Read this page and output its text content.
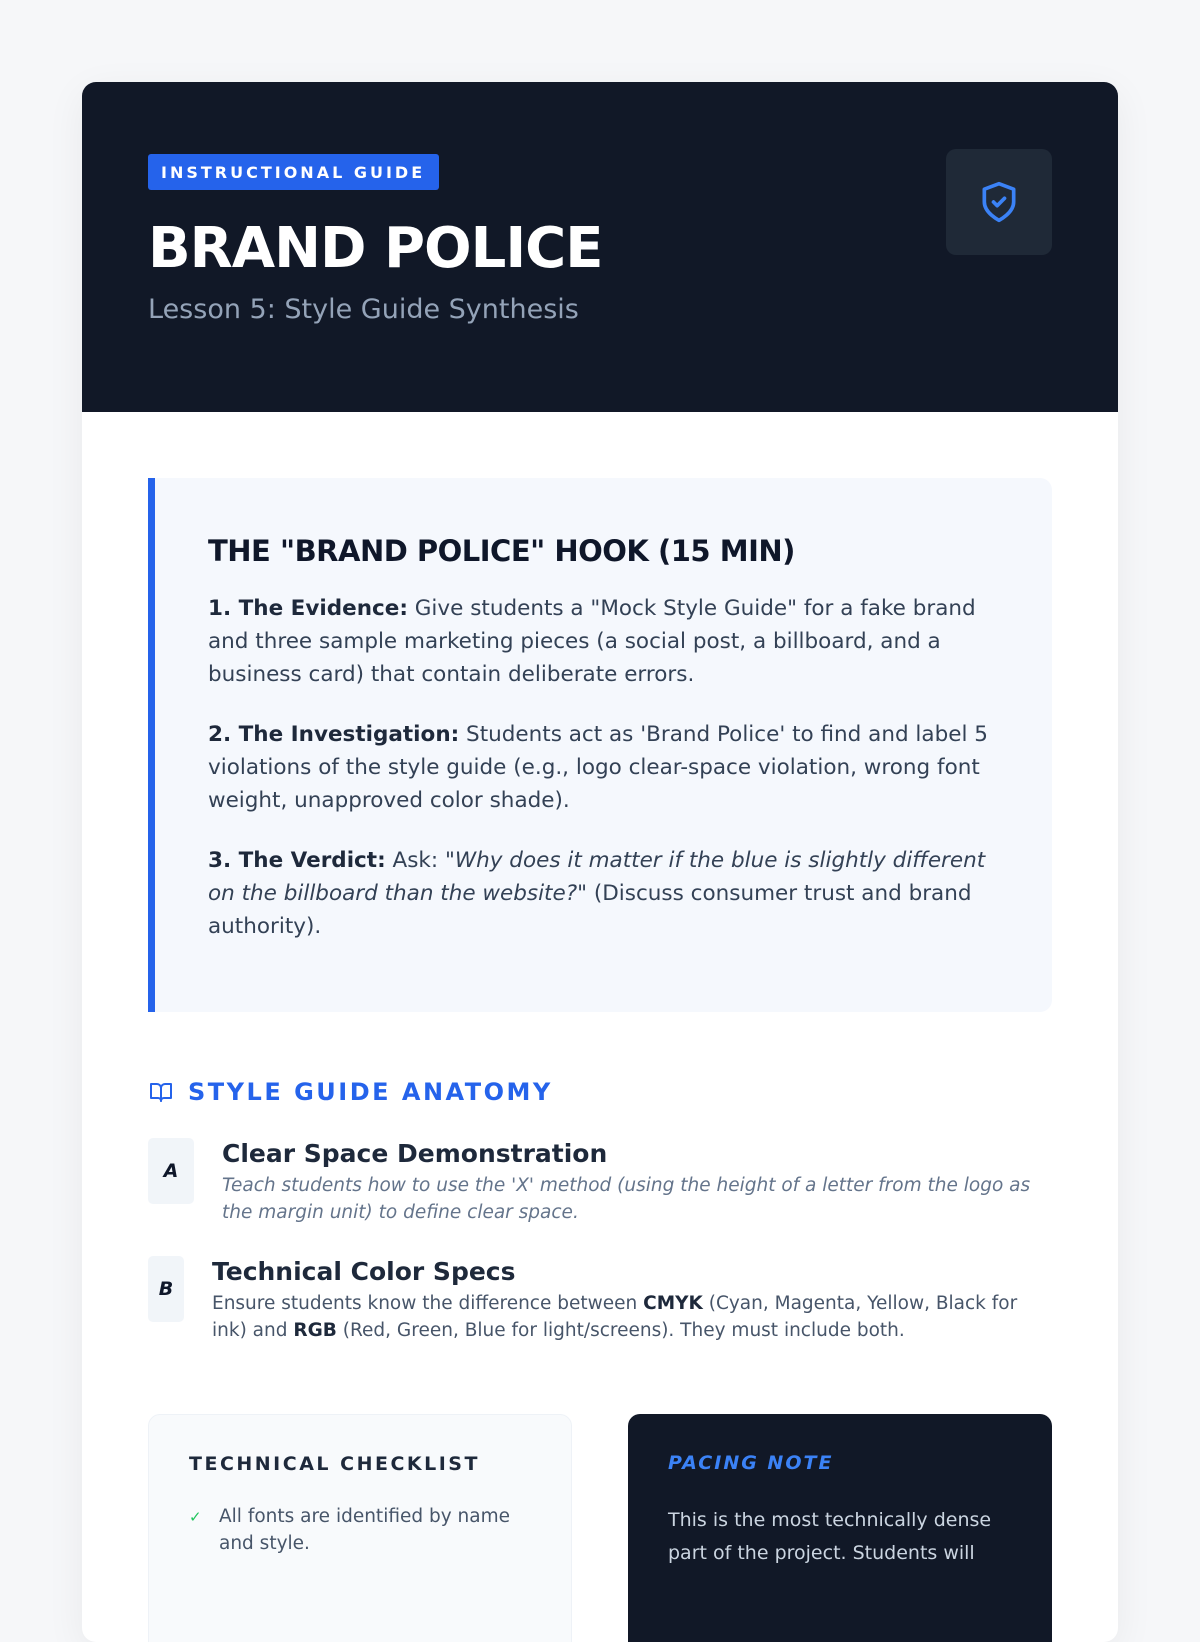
INSTRUCTIONAL GUIDE
BRAND POLICE
Lesson 5: Style Guide Synthesis
THE "BRAND POLICE" HOOK (15 MIN)

1. The Evidence: Give students a "Mock Style Guide" for a fake brand and three sample marketing pieces (a social post, a billboard, and a business card) that contain deliberate errors.

2. The Investigation: Students act as 'Brand Police' to find and label 5 violations of the style guide (e.g., logo clear-space violation, wrong font weight, unapproved color shade).

3. The Verdict: Ask: "Why does it matter if the blue is slightly different on the billboard than the website?" (Discuss consumer trust and brand authority).

STYLE GUIDE ANATOMY
A
Clear Space Demonstration
Teach students how to use the 'X' method (using the height of a letter from the logo as the margin unit) to define clear space.
B
Technical Color Specs
Ensure students know the difference between CMYK (Cyan, Magenta, Yellow, Black for ink) and RGB (Red, Green, Blue for light/screens). They must include both.
TECHNICAL CHECKLIST
✓ All fonts are identified by name and style.
PACING NOTE

This is the most technically dense part of the project. Students will
